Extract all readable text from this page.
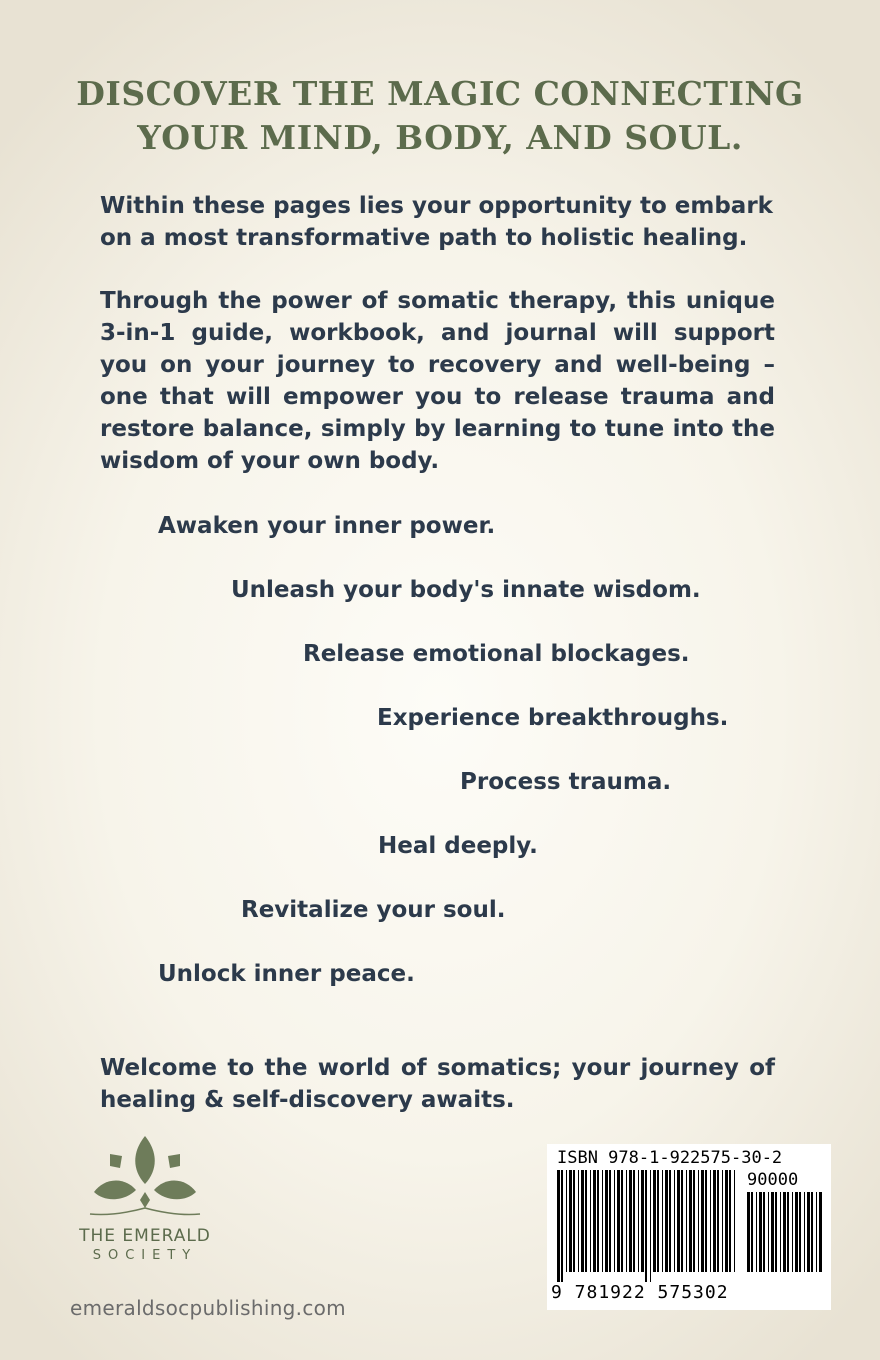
DISCOVER THE MAGIC CONNECTING
YOUR MIND, BODY, AND SOUL.

Within these pages lies your opportunity to embark on a most transformative path to holistic healing.

Through the power of somatic therapy, this unique 3-in-1 guide, workbook, and journal will support you on your journey to recovery and well-being – one that will empower you to release trauma and restore balance, simply by learning to tune into the wisdom of your own body.

Awaken your inner power.
Unleash your body's innate wisdom.
Release emotional blockages.
Experience breakthroughs.
Process trauma.
Heal deeply.
Revitalize your soul.
Unlock inner peace.

Welcome to the world of somatics; your journey of healing & self-discovery awaits.

THE EMERALD
SOCIETY
emeraldsocpublishing.com
ISBN 978-1-922575-30-2
90000
9 781922 575302
